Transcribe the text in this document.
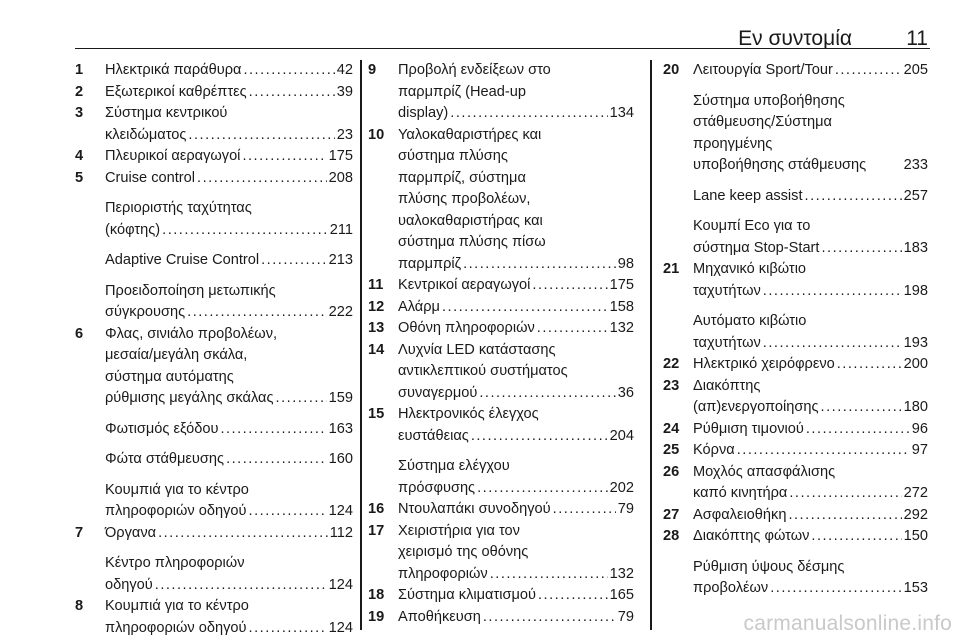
Εν συντομία	11
1 Ηλεκτρικά παράθυρα .....	42
2 Εξωτερικοί καθρέπτες .....	39
3 Σύστημα κεντρικού
κλειδώματος .....	23
4 Πλευρικοί αεραγωγοί .....	175
5 Cruise control .....	208
Περιοριστής ταχύτητας
(κόφτης) .....	211
Adaptive Cruise Control .....	213
Προειδοποίηση μετωπικής
σύγκρουσης .....	222
6 Φλας, σινιάλο προβολέων,
μεσαία/μεγάλη σκάλα,
σύστημα αυτόματης
ρύθμισης μεγάλης σκάλας .....	159
Φωτισμός εξόδου .....	163
Φώτα στάθμευσης .....	160
Κουμπιά για το κέντρο
πληροφοριών οδηγού .....	124
7 Όργανα .....	112
Κέντρο πληροφοριών
οδηγού .....	124
8 Κουμπιά για το κέντρο
πληροφοριών οδηγού .....	124
9 Προβολή ενδείξεων στο
παρμπρίζ (Head-up
display) .....	134
10 Υαλοκαθαριστήρες και
σύστημα πλύσης
παρμπρίζ, σύστημα
πλύσης προβολέων,
υαλοκαθαριστήρας και
σύστημα πλύσης πίσω
παρμπρίζ .....	98
11 Κεντρικοί αεραγωγοί .....	175
12 Αλάρμ .....	158
13 Οθόνη πληροφοριών .....	132
14 Λυχνία LED κατάστασης
αντικλεπτικού συστήματος
συναγερμού .....	36
15 Ηλεκτρονικός έλεγχος
ευστάθειας .....	204
Σύστημα ελέγχου
πρόσφυσης .....	202
16 Ντουλαπάκι συνοδηγού .....	79
17 Χειριστήρια για τον
χειρισμό της οθόνης
πληροφοριών .....	132
18 Σύστημα κλιματισμού .....	165
19 Αποθήκευση .....	79
20 Λειτουργία Sport/Tour .....	205
Σύστημα υποβοήθησης
στάθμευσης/Σύστημα
προηγμένης
υποβοήθησης στάθμευσης	233
Lane keep assist .....	257
Κουμπί Eco για το
σύστημα Stop-Start .....	183
21 Μηχανικό κιβώτιο
ταχυτήτων .....	198
Αυτόματο κιβώτιο
ταχυτήτων .....	193
22 Ηλεκτρικό χειρόφρενο .....	200
23 Διακόπτης
(απ)ενεργοποίησης .....	180
24 Ρύθμιση τιμονιού .....	96
25 Κόρνα .....	97
26 Μοχλός απασφάλισης
καπό κινητήρα .....	272
27 Ασφαλειοθήκη .....	292
28 Διακόπτης φώτων .....	150
Ρύθμιση ύψους δέσμης
προβολέων .....	153
carmanualsonline.info
